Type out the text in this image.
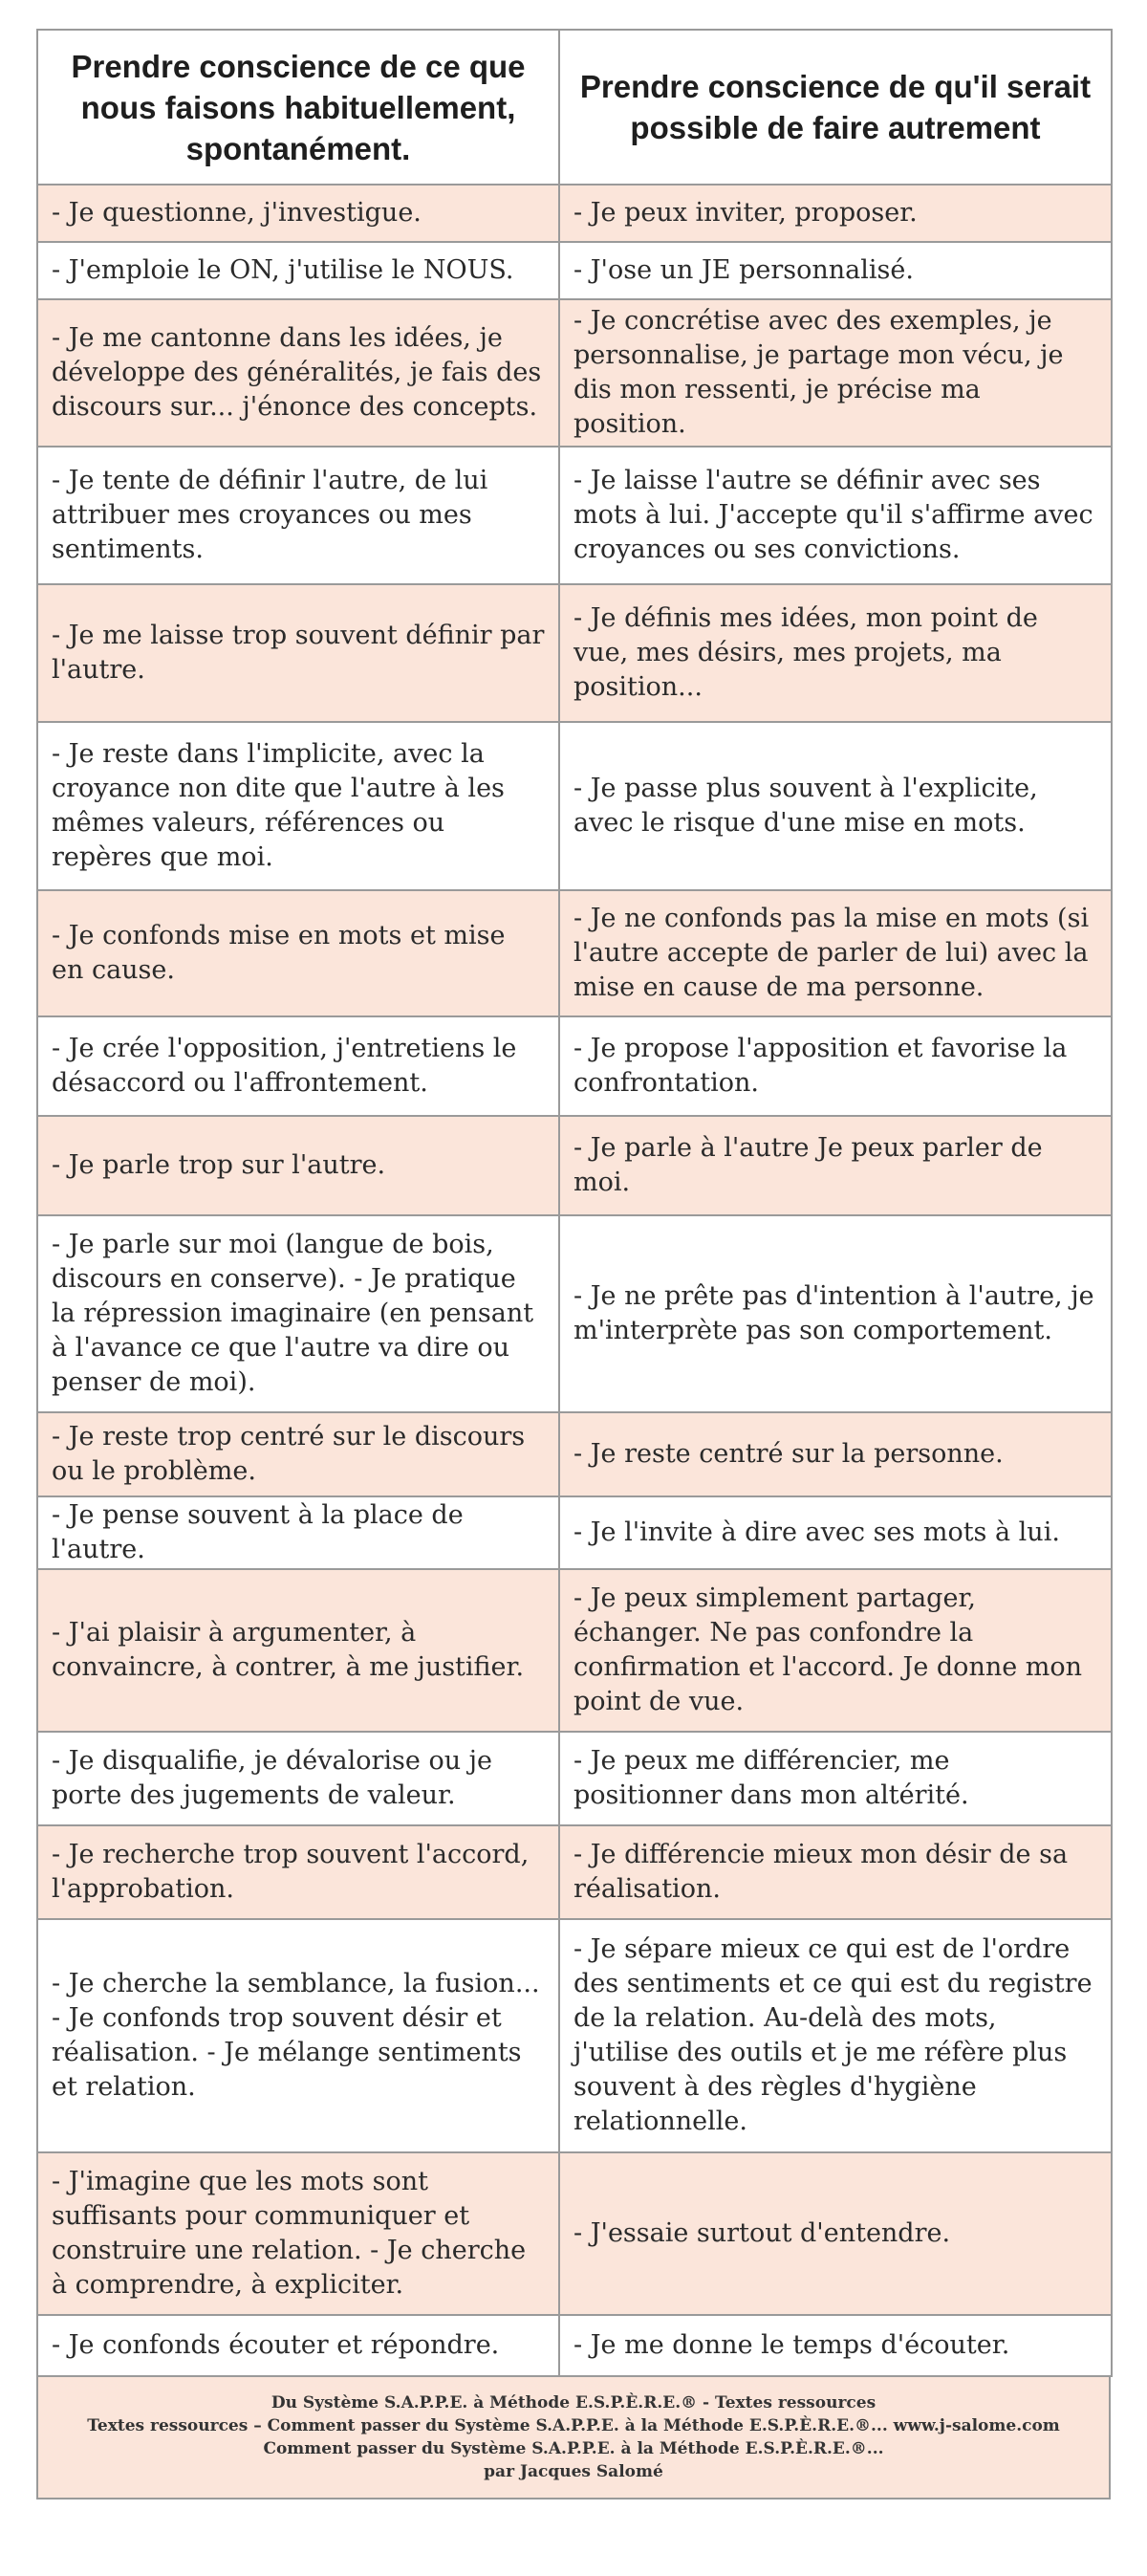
Prendre conscience de ce que nous faisons habituellement, spontanément.	Prendre conscience de qu'il serait possible de faire autrement
- Je questionne, j'investigue.	- Je peux inviter, proposer.
- J'emploie le ON, j'utilise le NOUS.	- J'ose un JE personnalisé.
- Je me cantonne dans les idées, je développe des généralités, je fais des discours sur... j'énonce des concepts.	- Je concrétise avec des exemples, je personnalise, je partage mon vécu, je dis mon ressenti, je précise ma position.
- Je tente de définir l'autre, de lui attribuer mes croyances ou mes sentiments.	- Je laisse l'autre se définir avec ses mots à lui. J'accepte qu'il s'affirme avec croyances ou ses convictions.
- Je me laisse trop souvent définir par l'autre.	- Je définis mes idées, mon point de vue, mes désirs, mes projets, ma position...
- Je reste dans l'implicite, avec la croyance non dite que l'autre à les mêmes valeurs, références ou repères que moi.	- Je passe plus souvent à l'explicite, avec le risque d'une mise en mots.
- Je confonds mise en mots et mise en cause.	- Je ne confonds pas la mise en mots (si l'autre accepte de parler de lui) avec la mise en cause de ma personne.
- Je crée l'opposition, j'entretiens le désaccord ou l'affrontement.	- Je propose l'apposition et favorise la confrontation.
- Je parle trop sur l'autre.	- Je parle à l'autre Je peux parler de moi.
- Je parle sur moi (langue de bois, discours en conserve). - Je pratique la répression imaginaire (en pensant à l'avance ce que l'autre va dire ou penser de moi).	- Je ne prête pas d'intention à l'autre, je m'interprète pas son comportement.
- Je reste trop centré sur le discours ou le problème.	- Je reste centré sur la personne.
- Je pense souvent à la place de l'autre.	- Je l'invite à dire avec ses mots à lui.
- J'ai plaisir à argumenter, à convaincre, à contrer, à me justifier.	- Je peux simplement partager, échanger. Ne pas confondre la confirmation et l'accord. Je donne mon point de vue.
- Je disqualifie, je dévalorise ou je porte des jugements de valeur.	- Je peux me différencier, me positionner dans mon altérité.
- Je recherche trop souvent l'accord, l'approbation.	- Je différencie mieux mon désir de sa réalisation.
- Je cherche la semblance, la fusion... - Je confonds trop souvent désir et réalisation. - Je mélange sentiments et relation.	- Je sépare mieux ce qui est de l'ordre des sentiments et ce qui est du registre de la relation. Au-delà des mots, j'utilise des outils et je me réfère plus souvent à des règles d'hygiène relationnelle.
- J'imagine que les mots sont suffisants pour communiquer et construire une relation. - Je cherche à comprendre, à expliciter.	- J'essaie surtout d'entendre.
- Je confonds écouter et répondre.	- Je me donne le temps d'écouter.
Du Système S.A.P.P.E. à Méthode E.S.P.È.R.E.® - Textes ressources
Textes ressources – Comment passer du Système S.A.P.P.E. à la Méthode E.S.P.È.R.E.®... www.j-salome.com
Comment passer du Système S.A.P.P.E. à la Méthode E.S.P.È.R.E.®...
par Jacques Salomé
